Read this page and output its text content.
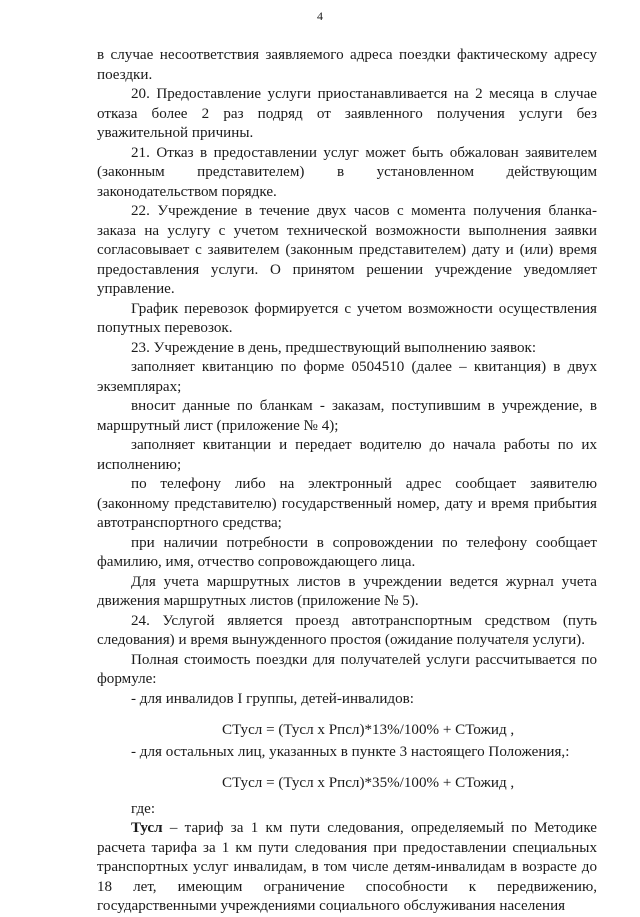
4

в случае несоответствия заявляемого адреса поездки фактическому адресу поездки.

20. Предоставление услуги приостанавливается на 2 месяца в случае отказа более 2 раз подряд от заявленного получения услуги без уважительной причины.

21. Отказ в предоставлении услуг может быть обжалован заявителем (законным представителем) в установленном действующим законодательством порядке.

22. Учреждение в течение двух часов с момента получения бланка-заказа на услугу с учетом технической возможности выполнения заявки согласовывает с заявителем (законным представителем) дату и (или) время предоставления услуги. О принятом решении учреждение уведомляет управление.

График перевозок формируется с учетом возможности осуществления попутных перевозок.

23. Учреждение в день, предшествующий выполнению заявок:

заполняет квитанцию по форме 0504510 (далее – квитанция) в двух экземплярах;

вносит данные по бланкам - заказам, поступившим в учреждение, в маршрутный лист (приложение № 4);

заполняет квитанции и передает водителю до начала работы по их исполнению;

по телефону либо на электронный адрес сообщает заявителю (законному представителю) государственный номер, дату и время прибытия автотранспортного средства;

при наличии потребности в сопровождении по телефону сообщает фамилию, имя, отчество сопровождающего лица.

Для учета маршрутных листов в учреждении ведется журнал учета движения маршрутных листов (приложение № 5).

24. Услугой является проезд автотранспортным средством (путь следования) и время вынужденного простоя (ожидание получателя услуги).

Полная стоимость поездки для получателей услуги рассчитывается по формуле:

- для инвалидов I группы, детей-инвалидов:

СТусл = (Тусл х Рпсл)*13%/100% + СТожид ,

- для остальных лиц, указанных в пункте 3 настоящего Положения,:

СТусл = (Тусл х Рпсл)*35%/100% + СТожид ,

где:

Тусл – тариф за 1 км пути следования, определяемый по Методике расчета тарифа за 1 км пути следования при предоставлении специальных транспортных услуг инвалидам, в том числе детям-инвалидам в возрасте до 18 лет, имеющим ограничение способности к передвижению, государственными учреждениями социального обслуживания населения
